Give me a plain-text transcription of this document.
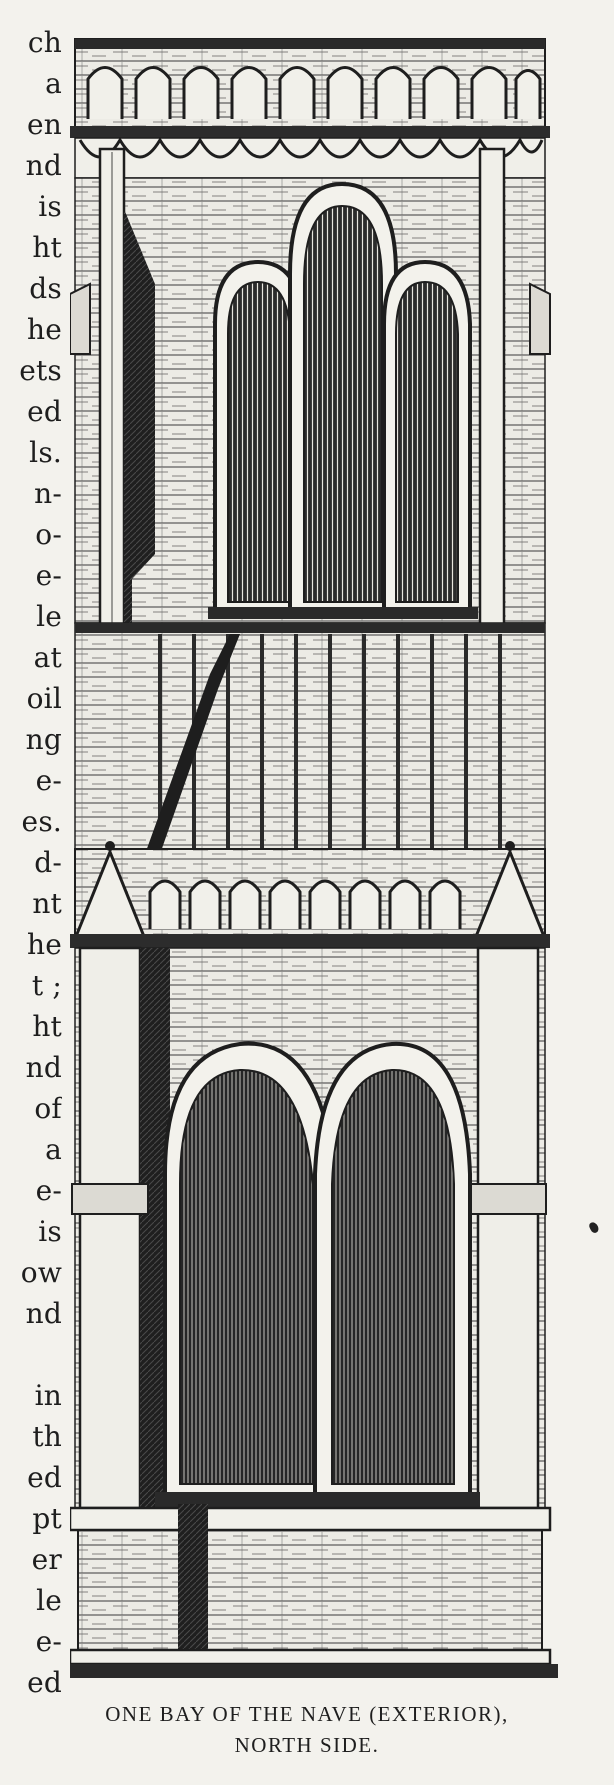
ch
a
en
nd
is
ht
ds
he
ets
ed
ls.
n-
o-
e-
le
at
oil
ng
e-
es.
d-
nt
he
t ;
ht
nd
of
a
e-
is
ow
nd
in
th
ed
pt
er
le
e-
ed
ONE BAY OF THE NAVE (EXTERIOR),
NORTH SIDE.
